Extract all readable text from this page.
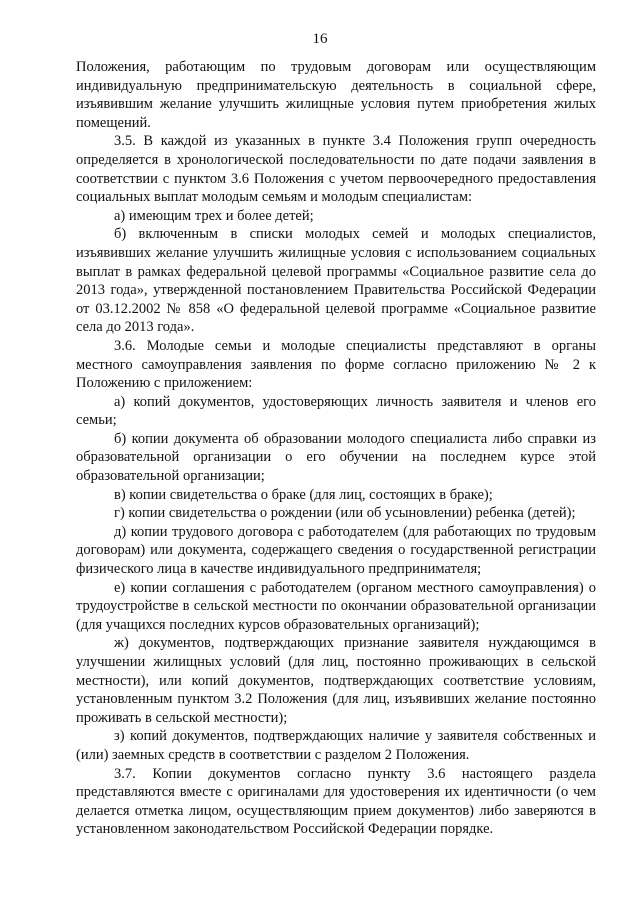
16

Положения, работающим по трудовым договорам или осуществляющим индивидуальную предпринимательскую деятельность в социальной сфере, изъявившим желание улучшить жилищные условия путем приобретения жилых помещений.

3.5. В каждой из указанных в пункте 3.4 Положения групп очередность определяется в хронологической последовательности по дате подачи заявления в соответствии с пунктом 3.6 Положения с учетом первоочередного предоставления социальных выплат молодым семьям и молодым специалистам:

а) имеющим трех и более детей;

б) включенным в списки молодых семей и молодых специалистов, изъявивших желание улучшить жилищные условия с использованием социальных выплат в рамках федеральной целевой программы «Социальное развитие села до 2013 года», утвержденной постановлением Правительства Российской Федерации от 03.12.2002 № 858 «О федеральной целевой программе «Социальное развитие села до 2013 года».

3.6. Молодые семьи и молодые специалисты представляют в органы местного самоуправления заявления по форме согласно приложению № 2 к Положению с приложением:

а) копий документов, удостоверяющих личность заявителя и членов его семьи;

б) копии документа об образовании молодого специалиста либо справки из образовательной организации о его обучении на последнем курсе этой образовательной организации;

в) копии свидетельства о браке (для лиц, состоящих в браке);

г) копии свидетельства о рождении (или об усыновлении) ребенка (детей);

д) копии трудового договора с работодателем (для работающих по трудовым договорам) или документа, содержащего сведения о государственной регистрации физического лица в качестве индивидуального предпринимателя;

е) копии соглашения с работодателем (органом местного самоуправления) о трудоустройстве в сельской местности по окончании образовательной организации (для учащихся последних курсов образовательных организаций);

ж) документов, подтверждающих признание заявителя нуждающимся в улучшении жилищных условий (для лиц, постоянно проживающих в сельской местности), или копий документов, подтверждающих соответствие условиям, установленным пунктом 3.2 Положения (для лиц, изъявивших желание постоянно проживать в сельской местности);

з) копий документов, подтверждающих наличие у заявителя собственных и (или) заемных средств в соответствии с разделом 2 Положения.

3.7. Копии документов согласно пункту 3.6 настоящего раздела представляются вместе с оригиналами для удостоверения их идентичности (о чем делается отметка лицом, осуществляющим прием документов) либо заверяются в установленном законодательством Российской Федерации порядке.
